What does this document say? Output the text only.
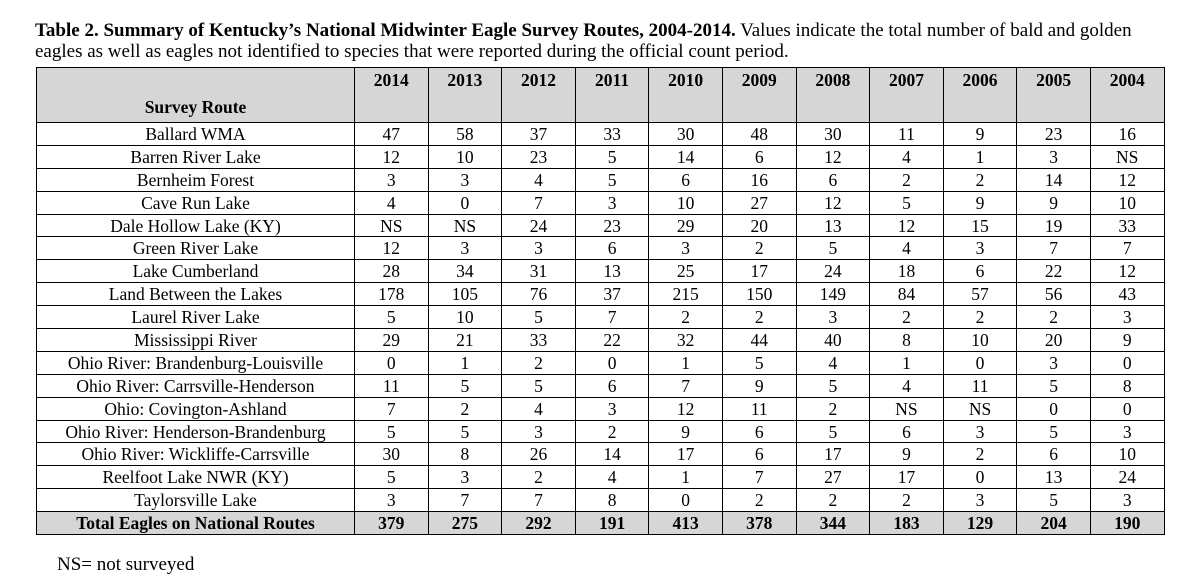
Table 2. Summary of Kentucky’s National Midwinter Eagle Survey Routes, 2004-2014. Values indicate the total number of bald and golden eagles as well as eagles not identified to species that were reported during the official count period.
Survey Route	2014	2013	2012	2011	2010	2009	2008	2007	2006	2005	2004
Ballard WMA	47	58	37	33	30	48	30	11	9	23	16
Barren River Lake	12	10	23	5	14	6	12	4	1	3	NS
Bernheim Forest	3	3	4	5	6	16	6	2	2	14	12
Cave Run Lake	4	0	7	3	10	27	12	5	9	9	10
Dale Hollow Lake (KY)	NS	NS	24	23	29	20	13	12	15	19	33
Green River Lake	12	3	3	6	3	2	5	4	3	7	7
Lake Cumberland	28	34	31	13	25	17	24	18	6	22	12
Land Between the Lakes	178	105	76	37	215	150	149	84	57	56	43
Laurel River Lake	5	10	5	7	2	2	3	2	2	2	3
Mississippi River	29	21	33	22	32	44	40	8	10	20	9
Ohio River: Brandenburg-Louisville	0	1	2	0	1	5	4	1	0	3	0
Ohio River: Carrsville-Henderson	11	5	5	6	7	9	5	4	11	5	8
Ohio: Covington-Ashland	7	2	4	3	12	11	2	NS	NS	0	0
Ohio River: Henderson-Brandenburg	5	5	3	2	9	6	5	6	3	5	3
Ohio River: Wickliffe-Carrsville	30	8	26	14	17	6	17	9	2	6	10
Reelfoot Lake NWR (KY)	5	3	2	4	1	7	27	17	0	13	24
Taylorsville Lake	3	7	7	8	0	2	2	2	3	5	3
Total Eagles on National Routes	379	275	292	191	413	378	344	183	129	204	190
NS= not surveyed
